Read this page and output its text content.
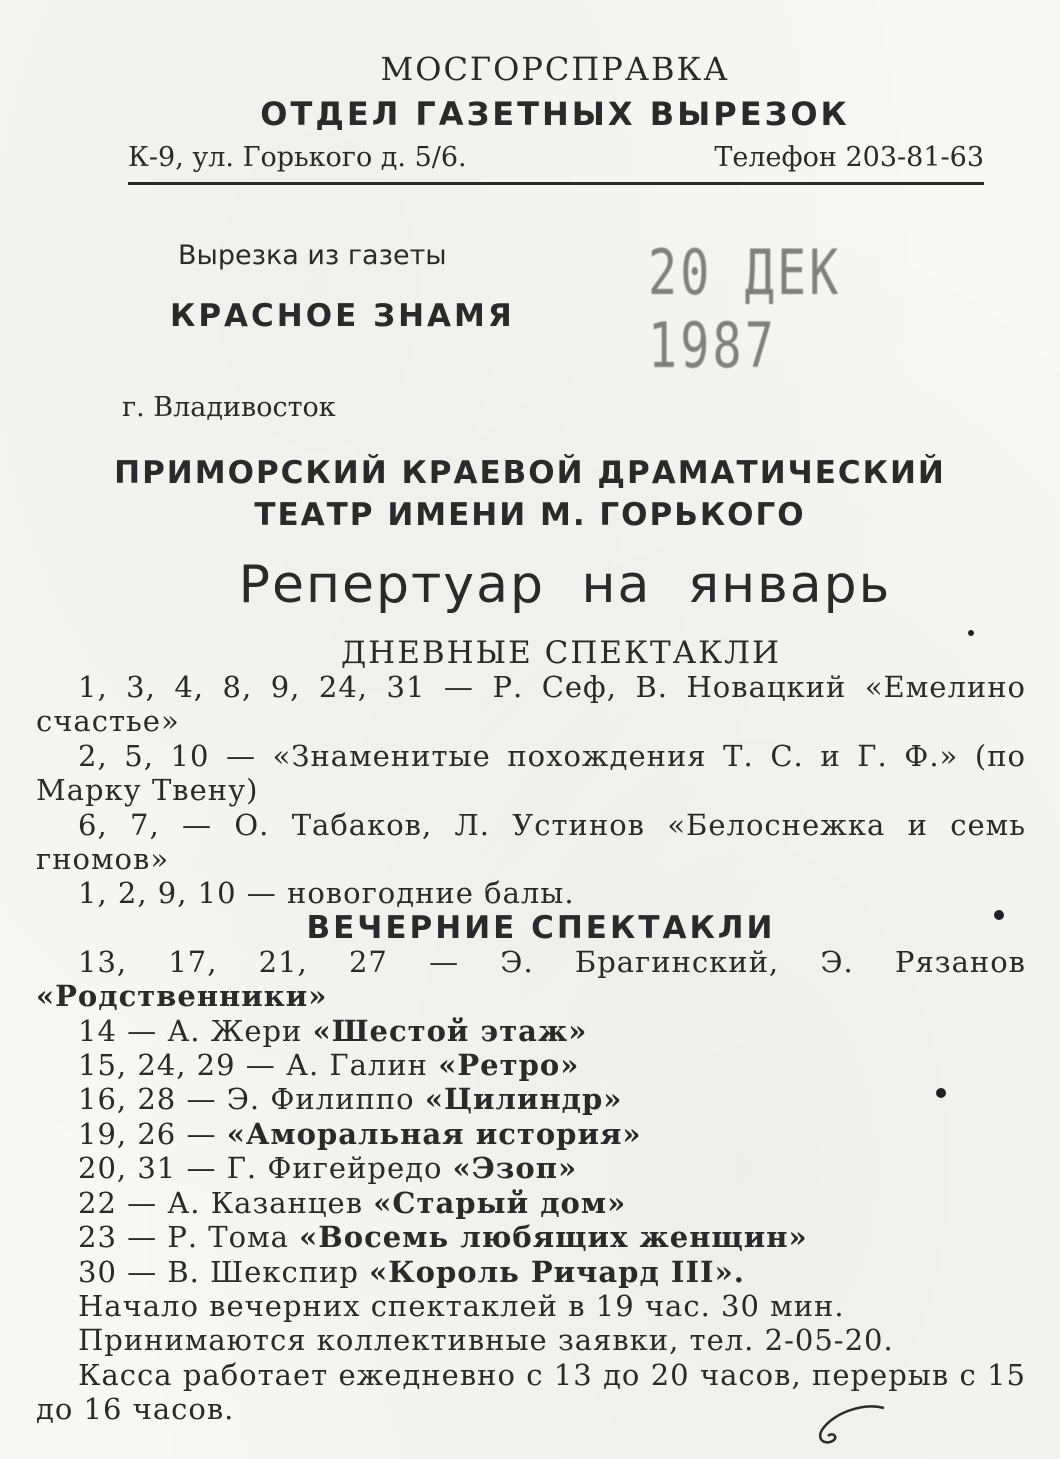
МОСГОРСПРАВКА
ОТДЕЛ ГАЗЕТНЫХ ВЫРЕЗОК
К-9, ул. Горького д. 5/6.	Телефон 203-81-63
Вырезка из газеты
КРАСНОЕ ЗНАМЯ
20 ДЕК 1987
г. Владивосток
ПРИМОРСКИЙ КРАЕВОЙ ДРАМАТИЧЕСКИЙ
ТЕАТР ИМЕНИ М. ГОРЬКОГО
Репертуар на январь
ДНЕВНЫЕ СПЕКТАКЛИ
1, 3, 4, 8, 9, 24, 31 — Р. Сеф, В. Новацкий «Емелино счастье»
2, 5, 10 — «Знаменитые похождения Т. С. и Г. Ф.» (по Марку Твену)
6, 7, — О. Табаков, Л. Устинов «Белоснежка и семь гномов»
1, 2, 9, 10 — новогодние балы.
ВЕЧЕРНИЕ СПЕКТАКЛИ
13, 17, 21, 27 — Э. Брагинский, Э. Рязанов «Родственники»
14 — А. Жери «Шестой этаж»
15, 24, 29 — А. Галин «Ретро»
16, 28 — Э. Филиппо «Цилиндр»
19, 26 — «Аморальная история»
20, 31 — Г. Фигейредо «Эзоп»
22 — А. Казанцев «Старый дом»
23 — Р. Тома «Восемь любящих женщин»
30 — В. Шекспир «Король Ричард III».
Начало вечерних спектаклей в 19 час. 30 мин.
Принимаются коллективные заявки, тел. 2-05-20.
Касса работает ежедневно с 13 до 20 часов, перерыв с 15 до 16 часов.
